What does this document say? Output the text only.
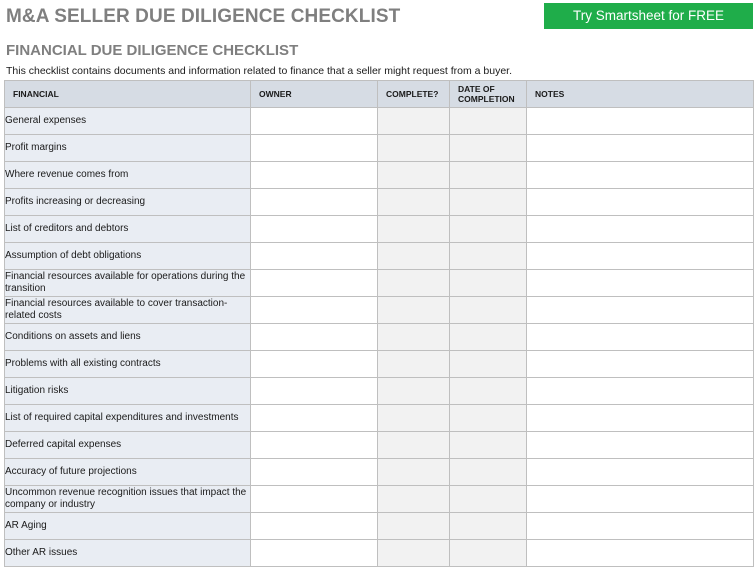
M&A SELLER DUE DILIGENCE CHECKLIST	Try Smartsheet for FREE
FINANCIAL DUE DILIGENCE CHECKLIST

This checklist contains documents and information related to finance that a seller might request from a buyer.

FINANCIAL	OWNER	COMPLETE?	DATE OF COMPLETION	NOTES
General expenses				
Profit margins				
Where revenue comes from				
Profits increasing or decreasing				
List of creditors and debtors				
Assumption of debt obligations				
Financial resources available for operations during the transition				
Financial resources available to cover transaction-related costs				
Conditions on assets and liens				
Problems with all existing contracts				
Litigation risks				
List of required capital expenditures and investments				
Deferred capital expenses				
Accuracy of future projections				
Uncommon revenue recognition issues that impact the company or industry				
AR Aging				
Other AR issues				
